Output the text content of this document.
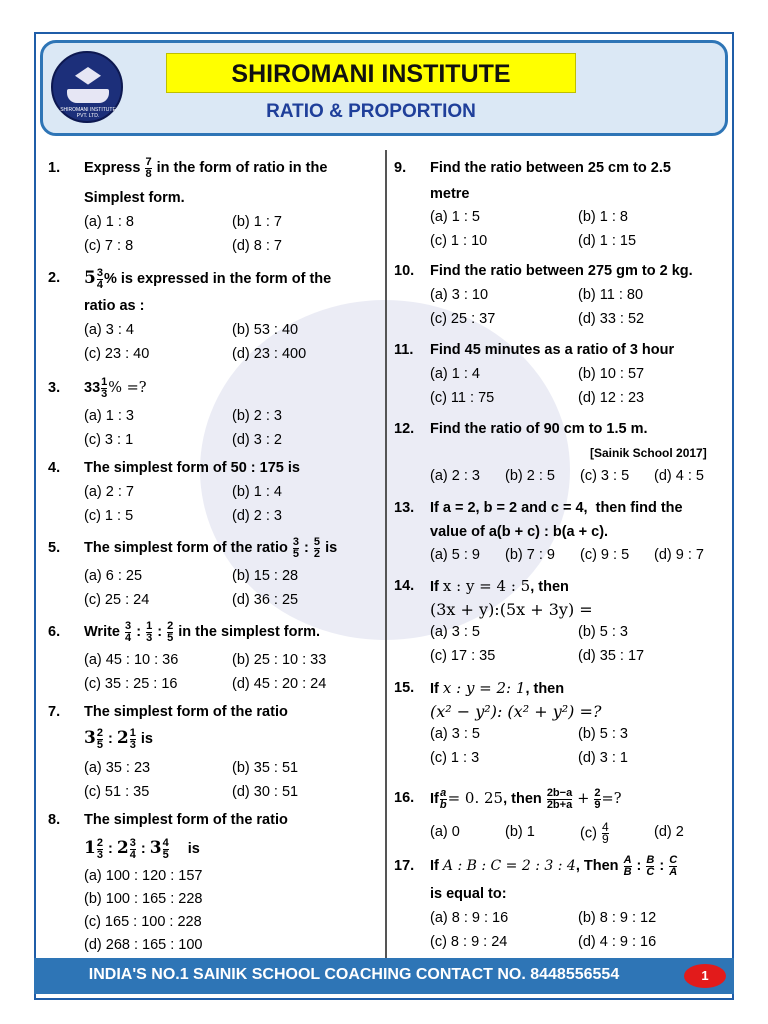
SHIROMANI INSTITUTE PVT. LTD.
SHIROMANI INSTITUTE
RATIO & PROPORTION
1. Express $\frac{7}{8}$ in the form of ratio in the
Simplest form.
(a) 1 : 8	(b) 1 : 7
(c) 7 : 8	(d) 8 : 7
2. $5 \frac{3}{4}$ % is expressed in the form of the
ratio as :
(a) 3 : 4	(b) 53 : 40
(c) 23 : 40	(d) 23 : 400
3. $33 \frac{1}{3}$ % =?
(a) 1 : 3	(b) 2 : 3
(c) 3 : 1	(d) 3 : 2
4. The simplest form of 50 : 175 is
(a) 2 : 7	(b) 1 : 4
(c) 1 : 5	(d) 2 : 3
5. The simplest form of the ratio $\frac{3}{5}$ : $\frac{5}{2}$ is
(a) 6 : 25	(b) 15 : 28
(c) 25 : 24	(d) 36 : 25
6. Write $\frac{3}{4}$ : $\frac{1}{3}$ : $\frac{2}{5}$ in the simplest form.
(a) 45 : 10 : 36	(b) 25 : 10 : 33
(c) 35 : 25 : 16	(d) 45 : 20 : 24
7. The simplest form of the ratio
$3 \frac{2}{5}$ : $2 \frac{1}{3}$ is
(a) 35 : 23	(b) 35 : 51
(c) 51 : 35	(d) 30 : 51
8. The simplest form of the ratio
$1 \frac{2}{3}$ : $2 \frac{3}{4}$ : $3 \frac{4}{5}$ is
(a) 100 : 120 : 157
(b) 100 : 165 : 228
(c) 165 : 100 : 228
(d) 268 : 165 : 100
9. Find the ratio between 25 cm to 2.5
metre
(a) 1 : 5	(b) 1 : 8
(c) 1 : 10	(d) 1 : 15
10. Find the ratio between 275 gm to 2 kg.
(a) 3 : 10	(b) 11 : 80
(c) 25 : 37	(d) 33 : 52
11. Find 45 minutes as a ratio of 3 hour
(a) 1 : 4	(b) 10 : 57
(c) 11 : 75	(d) 12 : 23
12. Find the ratio of 90 cm to 1.5 m.
[Sainik School 2017]
(a) 2 : 3 (b) 2 : 5 (c) 3 : 5 (d) 4 : 5
13. If a = 2, b = 2 and c = 4,  then find the
value of a(b + c) : b(a + c).
(a) 5 : 9 (b) 7 : 9 (c) 9 : 5 (d) 9 : 7
14. If x : y = 4 : 5, then
(3x + y):(5x + 3y) =
(a) 3 : 5	(b) 5 : 3
(c) 17 : 35	(d) 35 : 17
15. If x : y = 2: 1, then
(x² − y²): (x² + y²) =?
(a) 3 : 5	(b) 5 : 3
(c) 1 : 3	(d) 3 : 1
16. If $\frac{a}{b} = 0$. 25, then $\frac{2b-a}{2b+a} + \frac{2}{9}$ =?
(a) 0	(b) 1	$(c) \frac{4}{9}$	(d) 2
17. If A : B : C = 2 : 3 : 4, Then $\frac{A}{B}$ : $\frac{B}{C}$ : $\frac{C}{A}$
is equal to:
(a) 8 : 9 : 16	(b) 8 : 9 : 12
(c) 8 : 9 : 24	(d) 4 : 9 : 16
INDIA'S NO.1 SAINIK SCHOOL COACHING CONTACT NO. 8448556554	1
